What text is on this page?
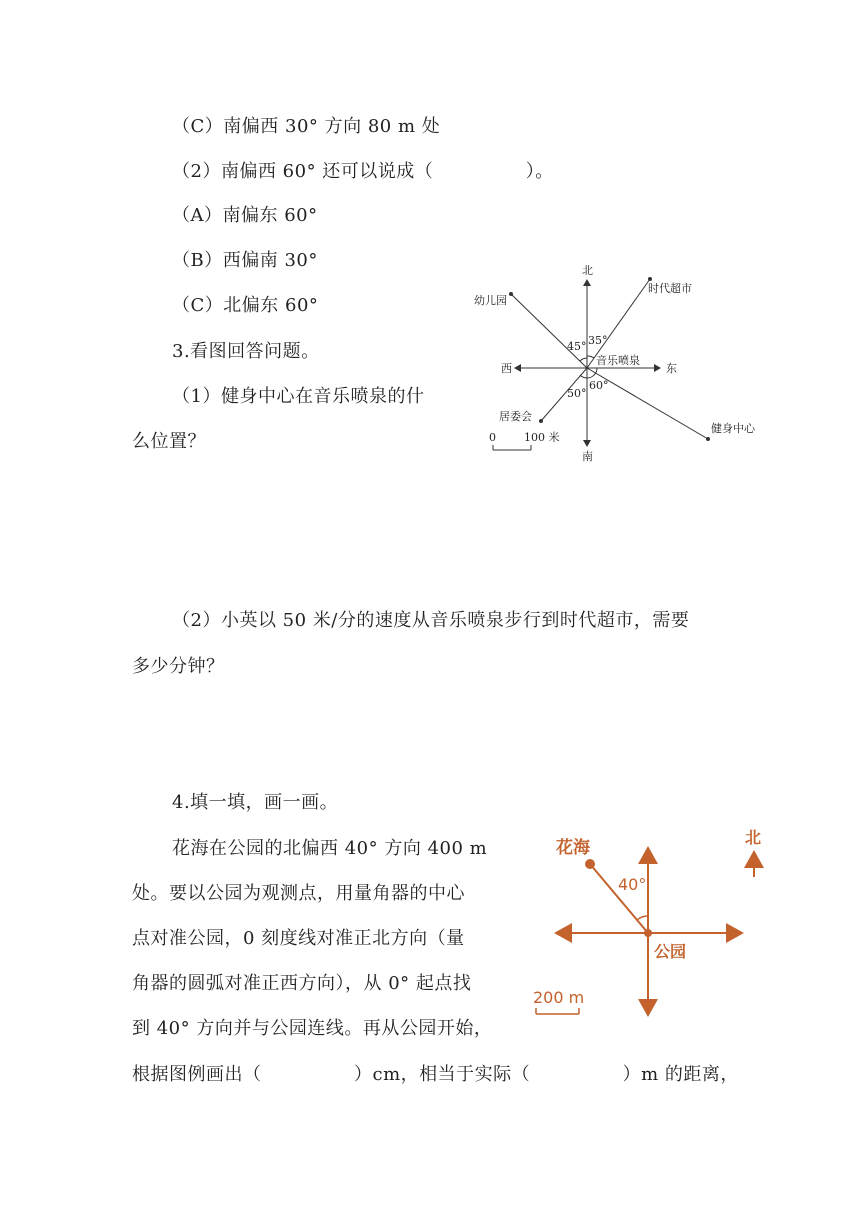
（C）南偏西 30° 方向 80 m 处
（2）南偏西 60° 还可以说成（　　　　　）。
（A）南偏东 60°
（B）西偏南 30°
（C）北偏东 60°
3.看图回答问题。
（1）健身中心在音乐喷泉的什
么位置？
（2）小英以 50 米/分的速度从音乐喷泉步行到时代超市，需要
多少分钟？
4.填一填，画一画。
花海在公园的北偏西 40° 方向 400 m
处。要以公园为观测点，用量角器的中心
点对准公园，0 刻度线对准正北方向（量
角器的圆弧对准正西方向），从 0° 起点找
到 40° 方向并与公园连线。再从公园开始，
根据图例画出（　　　　　）cm，相当于实际（　　　　　）m 的距离，
北
南
东
西
音乐喷泉
幼儿园
时代超市
居委会
健身中心
45° 35°
50°
60°
0	100 米
花海
40°
公园
北
200 m
